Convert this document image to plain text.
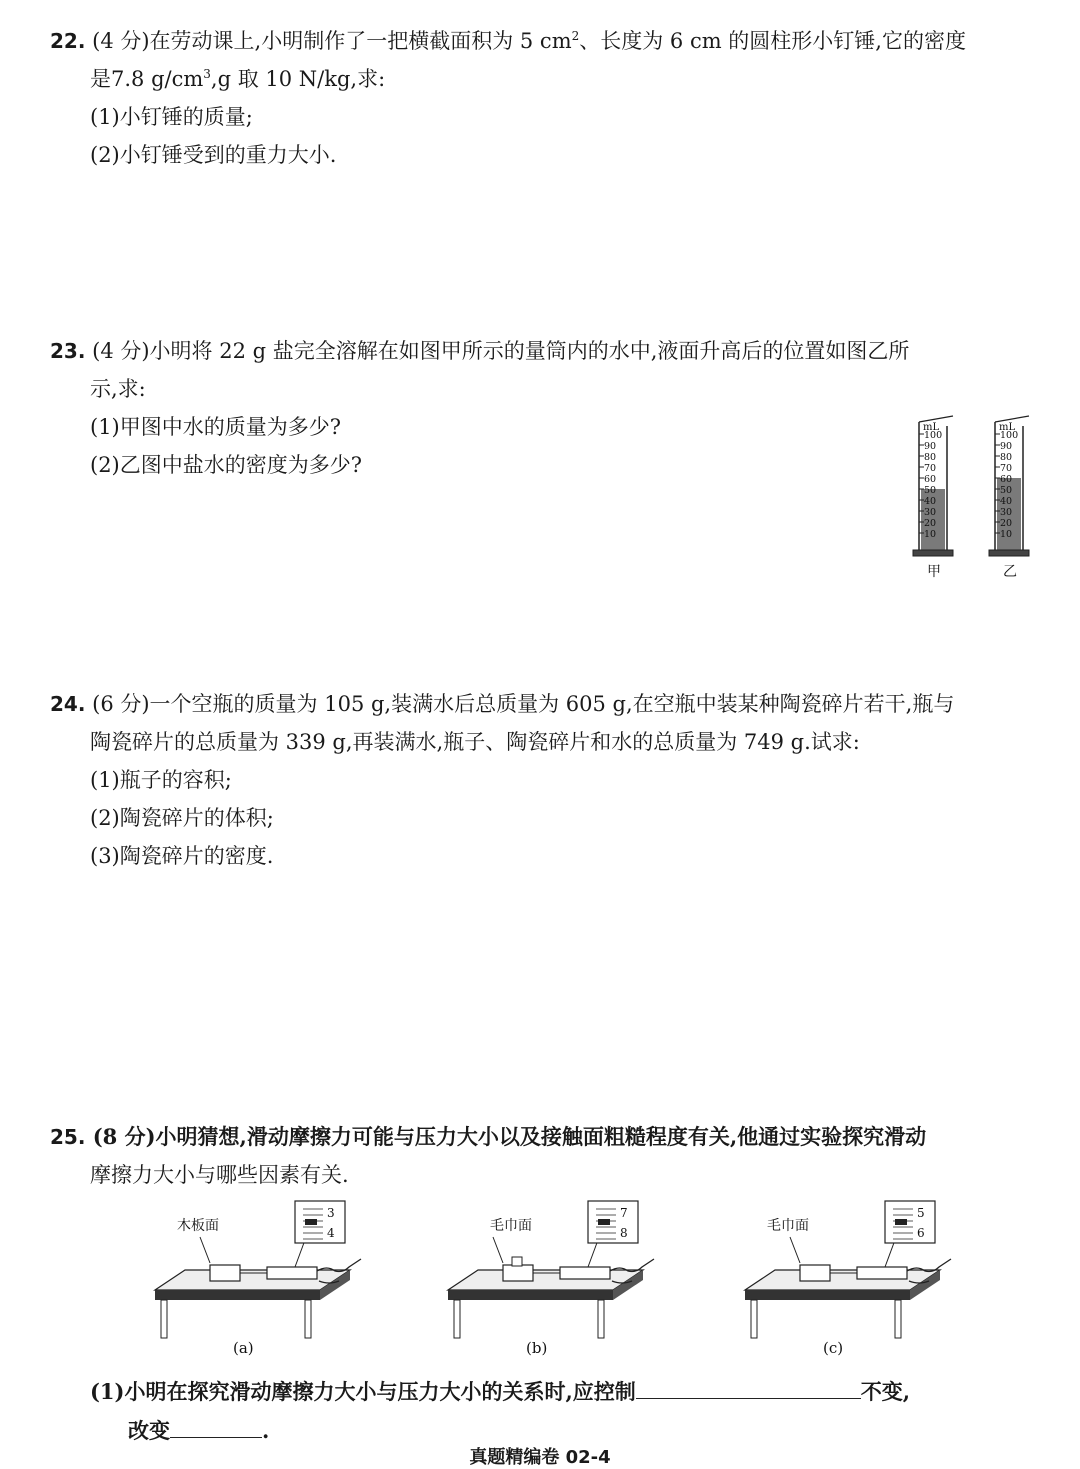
22. (4 分)在劳动课上,小明制作了一把横截面积为 5 $cm^2$、长度为 6 cm 的圆柱形小钉锤,它的密度
是7.8 $g/cm^3,g$ 取 10 N/kg,求:
(1)小钉锤的质量;
(2)小钉锤受到的重力大小.
23. (4 分)小明将 22 g 盐完全溶解在如图甲所示的量筒内的水中,液面升高后的位置如图乙所
示,求:
(1)甲图中水的质量为多少?
(2)乙图中盐水的密度为多少?
mL
100
90
80
70
60
50
40
30
20
10
甲
mL
100
90
80
70
60
50
40
30
20
10
乙
24. (6 分)一个空瓶的质量为 105 g,装满水后总质量为 605 g,在空瓶中装某种陶瓷碎片若干,瓶与
陶瓷碎片的总质量为 339 g,再装满水,瓶子、陶瓷碎片和水的总质量为 749 g.试求:
(1)瓶子的容积;
(2)陶瓷碎片的体积;
(3)陶瓷碎片的密度.
25. (8 分)小明猜想,滑动摩擦力可能与压力大小以及接触面粗糙程度有关,他通过实验探究滑动
摩擦力大小与哪些因素有关.
木板面
3
4
(a)
毛巾面
7
8
(b)
毛巾面
5
6
(c)
(1)小明在探究滑动摩擦力大小与压力大小的关系时,应控制	不变,
改变	.
真题精编卷 02-4
